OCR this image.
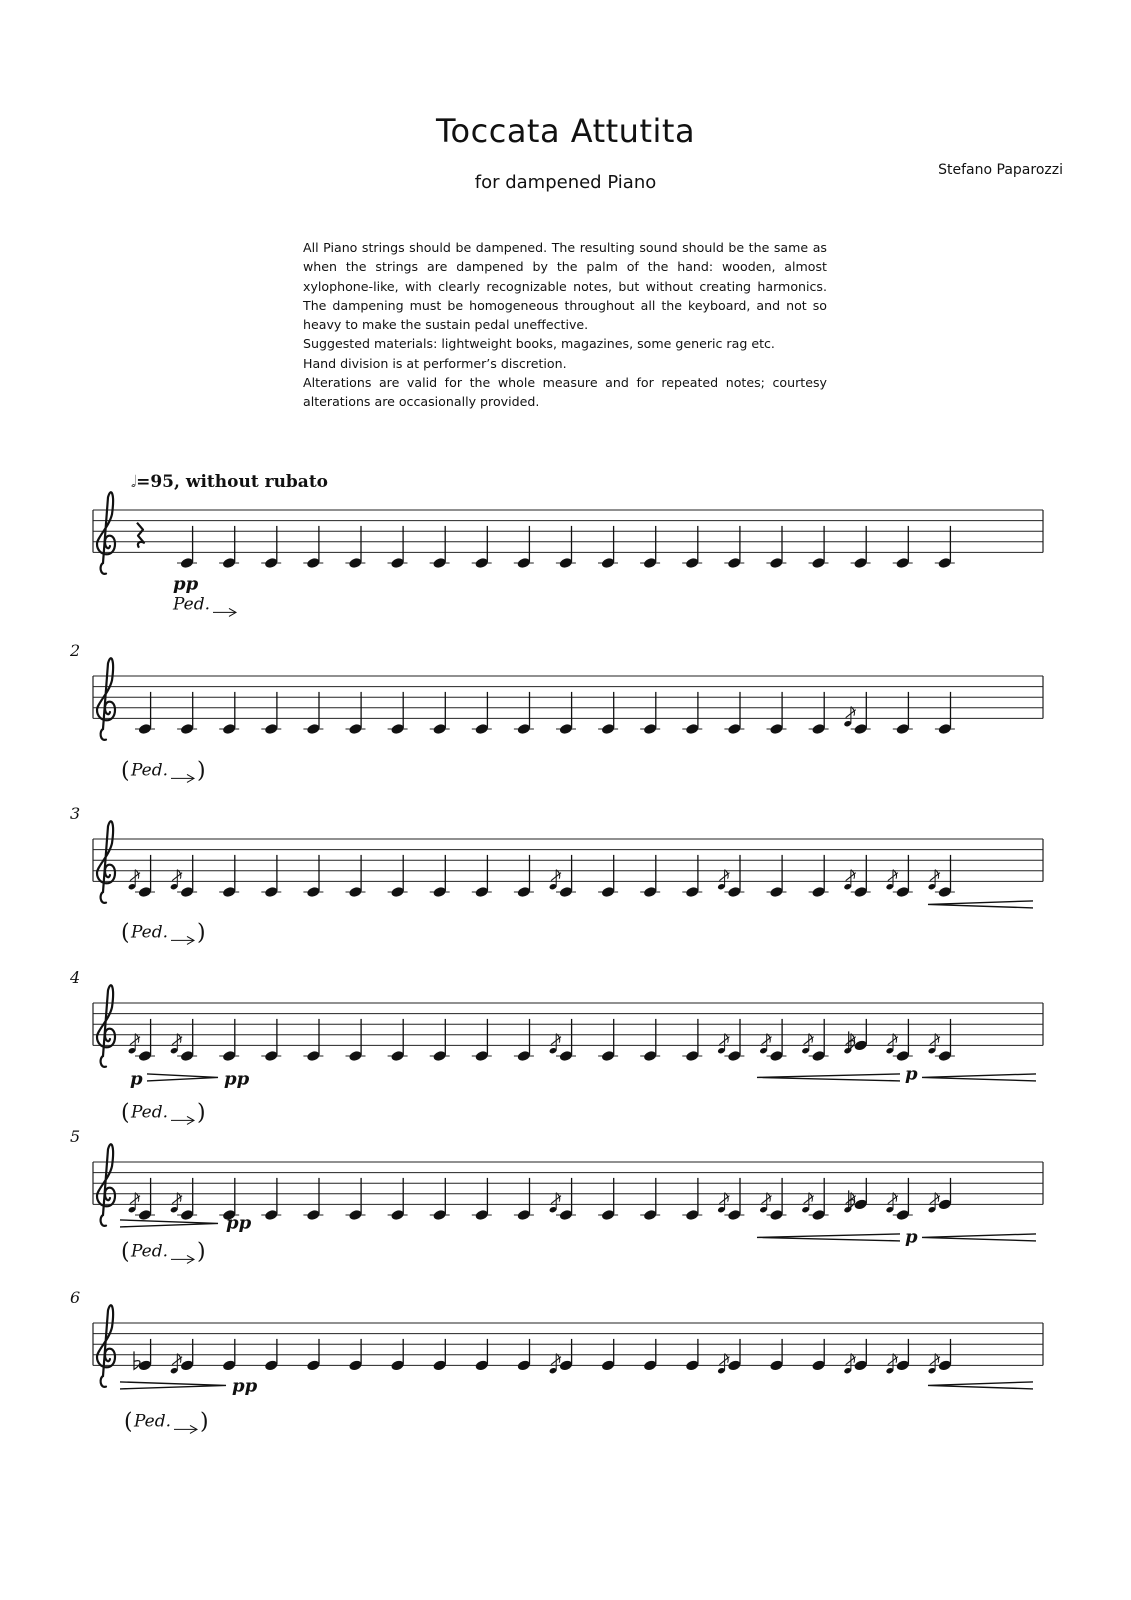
Toccata Attutita
for dampened Piano
Stefano Paparozzi

All Piano strings should be dampened. The resulting sound should be the same as when the strings are dampened by the palm of the hand: wooden, almost xylophone-like, with clearly recognizable notes, but without creating harmonics. The dampening must be homogeneous throughout all the keyboard, and not so heavy to make the sustain pedal uneffective.

Suggested materials: lightweight books, magazines, some generic rag etc.

Hand division is at performer’s discretion.

Alterations are valid for the whole measure and for repeated notes; courtesy alterations are occasionally provided.

𝅗𝅥 =95, without rubato
pp
Ped.
2
Ped.
(	)
3
Ped.
(	)
4
p	pp	p
Ped.
(	)
5
pp
p
Ped.
(	)
6
pp
Ped.
(	)
